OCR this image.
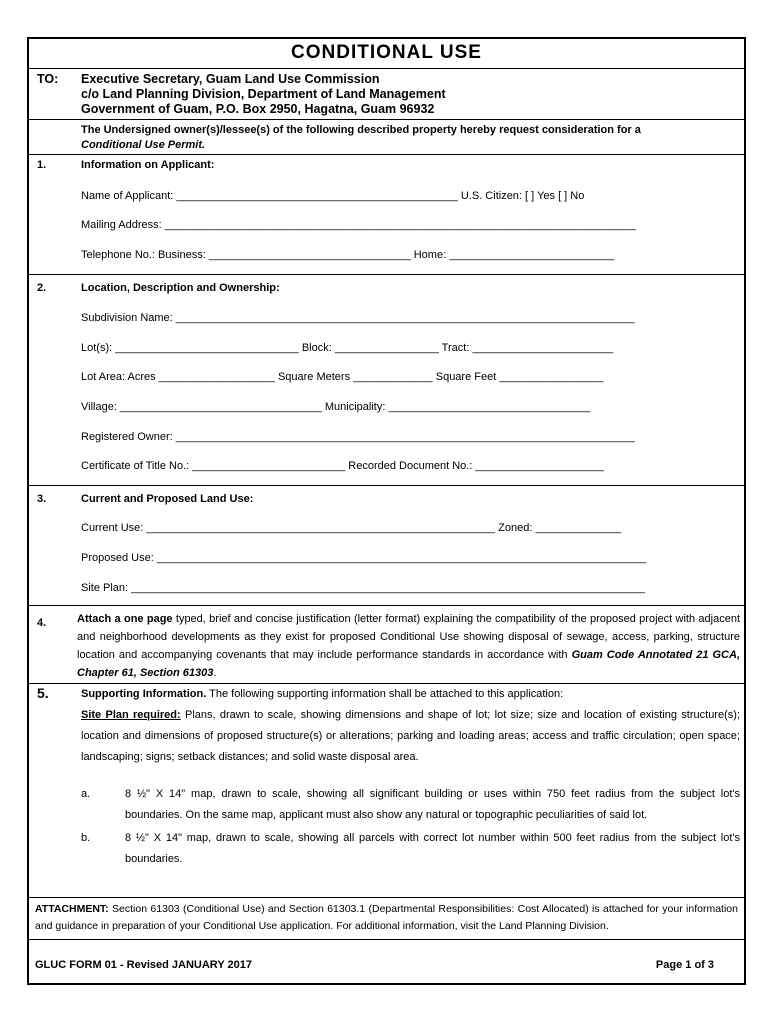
CONDITIONAL USE
TO: Executive Secretary, Guam Land Use Commission
c/o Land Planning Division, Department of Land Management
Government of Guam, P.O. Box 2950, Hagatna, Guam 96932
The Undersigned owner(s)/lessee(s) of the following described property hereby request consideration for a
Conditional Use Permit.
1.	Information on Applicant:
Name of Applicant: ______________________________________________ U.S. Citizen: [ ] Yes [ ] No
Mailing Address: _____________________________________________________________________________
Telephone No.: Business: _________________________________ Home: ___________________________
2.	Location, Description and Ownership:
Subdivision Name: ___________________________________________________________________________
Lot(s): ______________________________ Block: _________________ Tract: _______________________
Lot Area: Acres ___________________ Square Meters _____________ Square Feet _________________
Village: _________________________________ Municipality: _________________________________
Registered Owner: ___________________________________________________________________________
Certificate of Title No.: _________________________ Recorded Document No.: _____________________
3.	Current and Proposed Land Use:
Current Use: _________________________________________________________ Zoned: ______________
Proposed Use: ________________________________________________________________________________
Site Plan: ____________________________________________________________________________________
4.	Attach a one page typed, brief and concise justification (letter format) explaining the compatibility of the proposed project with adjacent and neighborhood developments as they exist for proposed Conditional Use showing disposal of sewage, access, parking, structure location and accompanying covenants that may include performance standards in accordance with Guam Code Annotated 21 GCA, Chapter 61, Section 61303.
5.	Supporting Information. The following supporting information shall be attached to this application:
Site Plan required: Plans, drawn to scale, showing dimensions and shape of lot; lot size; size and location of existing structure(s); location and dimensions of proposed structure(s) or alterations; parking and loading areas; access and traffic circulation; open space; landscaping; signs; setback distances; and solid waste disposal area.
a.	8 ½" X 14" map, drawn to scale, showing all significant building or uses within 750 feet radius from the subject lot's boundaries. On the same map, applicant must also show any natural or topographic peculiarities of said lot.
b.	8 ½" X 14" map, drawn to scale, showing all parcels with correct lot number within 500 feet radius from the subject lot's boundaries.
ATTACHMENT: Section 61303 (Conditional Use) and Section 61303.1 (Departmental Responsibilities: Cost Allocated) is attached for your information and guidance in preparation of your Conditional Use application. For additional information, visit the Land Planning Division.
GLUC FORM 01 - Revised JANUARY 2017	Page 1 of 3
